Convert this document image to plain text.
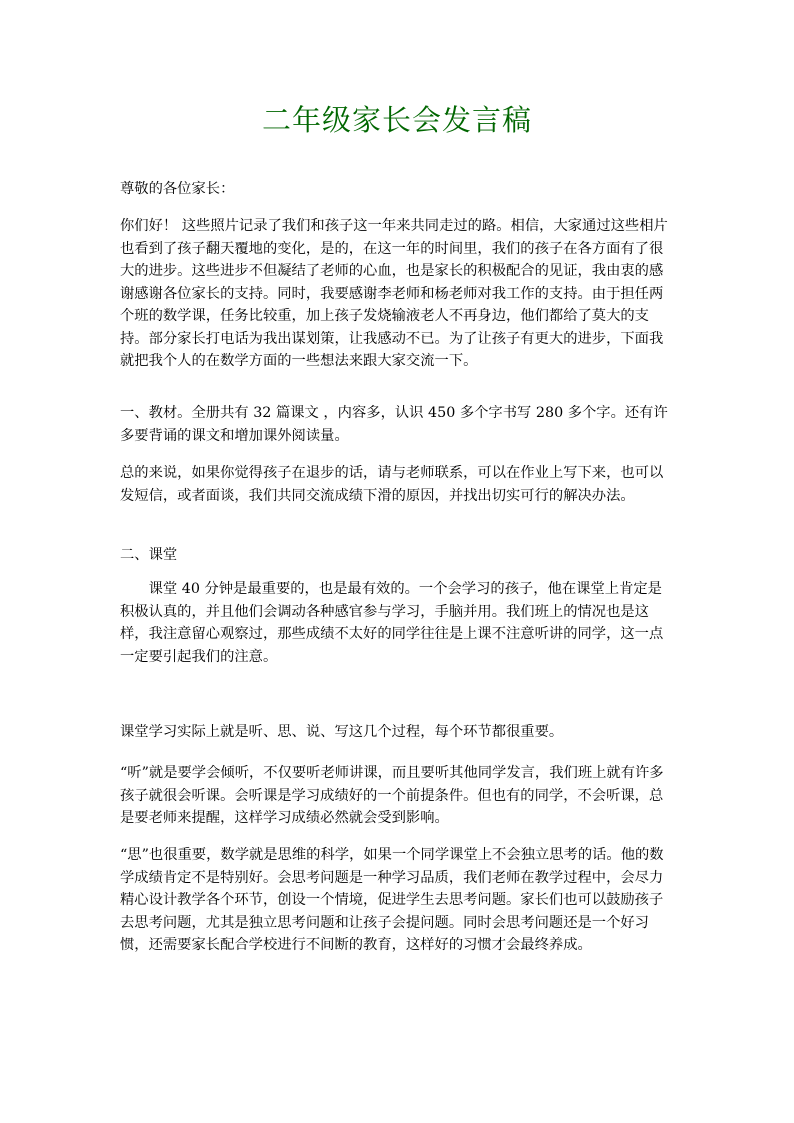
二年级家长会发言稿

尊敬的各位家长：

你们好！ 这些照片记录了我们和孩子这一年来共同走过的路。相信，大家通过这些相片也看到了孩子翻天覆地的变化，是的，在这一年的时间里，我们的孩子在各方面有了很大的进步。这些进步不但凝结了老师的心血，也是家长的积极配合的见证，我由衷的感谢感谢各位家长的支持。同时，我要感谢李老师和杨老师对我工作的支持。由于担任两个班的数学课，任务比较重，加上孩子发烧输液老人不再身边，他们都给了莫大的支持。部分家长打电话为我出谋划策，让我感动不已。为了让孩子有更大的进步，下面我就把我个人的在数学方面的一些想法来跟大家交流一下。

一、教材。全册共有 32 篇课文 ，内容多，认识 450 多个字书写 280 多个字。还有许多要背诵的课文和增加课外阅读量。

总的来说，如果你觉得孩子在退步的话，请与老师联系，可以在作业上写下来，也可以发短信，或者面谈，我们共同交流成绩下滑的原因，并找出切实可行的解决办法。

二、课堂

课堂 40 分钟是最重要的，也是最有效的。一个会学习的孩子，他在课堂上肯定是积极认真的，并且他们会调动各种感官参与学习，手脑并用。我们班上的情况也是这样，我注意留心观察过，那些成绩不太好的同学往往是上课不注意听讲的同学，这一点一定要引起我们的注意。

课堂学习实际上就是听、思、说、写这几个过程，每个环节都很重要。

“听”就是要学会倾听，不仅要听老师讲课，而且要听其他同学发言，我们班上就有许多孩子就很会听课。会听课是学习成绩好的一个前提条件。但也有的同学，不会听课，总是要老师来提醒，这样学习成绩必然就会受到影响。

“思”也很重要，数学就是思维的科学，如果一个同学课堂上不会独立思考的话。他的数学成绩肯定不是特别好。会思考问题是一种学习品质，我们老师在教学过程中，会尽力精心设计教学各个环节，创设一个情境，促进学生去思考问题。家长们也可以鼓励孩子去思考问题，尤其是独立思考问题和让孩子会提问题。同时会思考问题还是一个好习惯，还需要家长配合学校进行不间断的教育，这样好的习惯才会最终养成。
